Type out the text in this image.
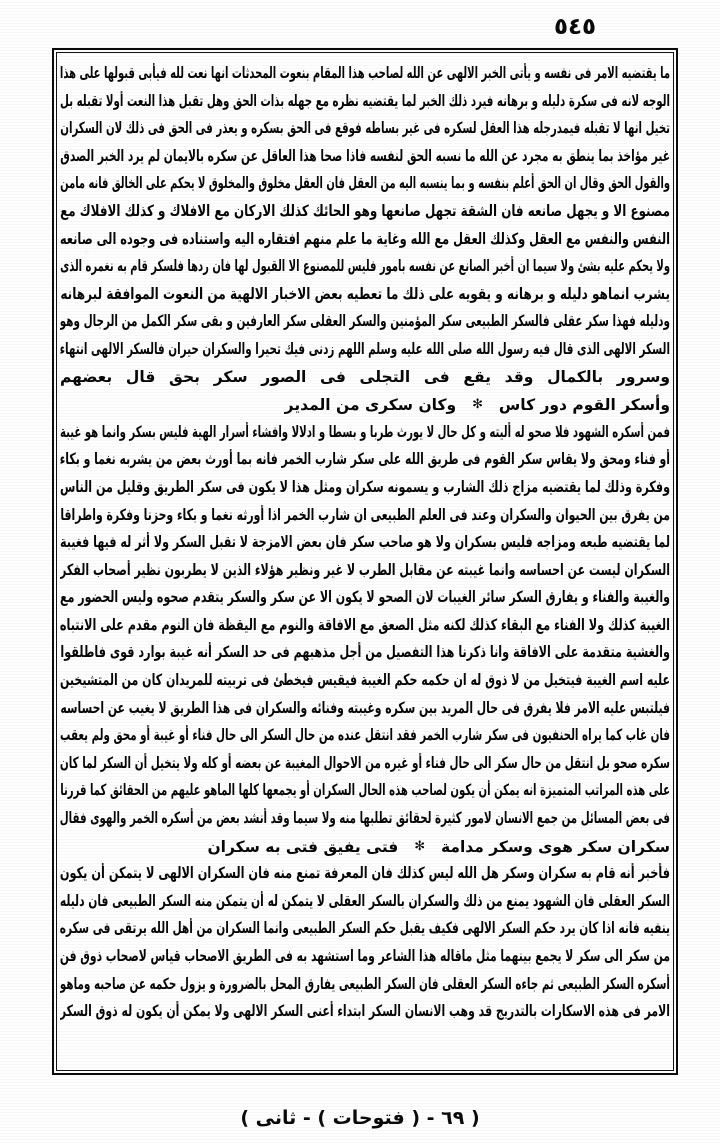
٥٤٥
ما يقتضيه الامر فى نفسه و يأتى الخبر الالهى عن الله لصاحب هذا المقام بنعوت المحدثات انها نعت لله فيأبى قبولها على هذا
الوجه لانه فى سكرة دليله و برهانه فيرد ذلك الخبر لما يقتضيه نظره مع جهله بذات الحق وهل تقبل هذا النعت أولا تقبله بل
تخيل انها لا تقبله فيمدرجله هذا العقل لسكره فى غير بساطه فوقع فى الحق بسكره و يعذر فى الحق فى ذلك لان السكران
غير مؤاخذ بما ينطق به مجرد عن الله ما نسبه الحق لنفسه فاذا صحا هذا العاقل عن سكره بالايمان لم يرد الخبر الصدق
والقول الحق وقال ان الحق أعلم بنفسه و بما ينسبه اليه من العقل فان العقل مخلوق والمخلوق لا يحكم على الخالق فانه مامن
مصنوع الا و يجهل صانعه فان الشقة تجهل صانعها وهو الحائك كذلك الاركان مع الافلاك و كذلك الافلاك مع
النفس والنفس مع العقل وكذلك العقل مع الله وغاية ما علم منهم افتقاره اليه واستناده فى وجوده الى صانعه
ولا يحكم عليه بشئ ولا سيما ان أخبر الصانع عن نفسه بامور فليس للمصنوع الا القبول لها فان ردها فلسكر قام به نغمره الذى
يشرب انماهو دليله و برهانه و يقويه على ذلك ما تعطيه بعض الاخبار الالهية من النعوت الموافقة لبرهانه
ودليله فهذا سكر عقلى فالسكر الطبيعى سكر المؤمنين والسكر العقلى سكر العارفين و بقى سكر الكمل من الرجال وهو
السكر الالهى الذى قال فيه رسول الله صلى الله عليه وسلم اللهم زدنى فيك تحيرا والسكران حيران فالسكر الالهى انتهاء
وسرور بالكمال وقد يقع فى التجلى فى الصور سكر بحق قال بعضهم
وأسكر القوم دور كاس✻وكان سكرى من المدير
فمن أسكره الشهود فلا صحو له أليته و كل حال لا يورث طربا و بسطا و ادلالا وافشاء أسرار الهية فليس بسكر وانما هو غيبة
أو فناء ومحق ولا يقاس سكر القوم فى طريق الله على سكر شارب الخمر فانه بما أورث بعض من يشربه نغما و بكاء
وفكرة وذلك لما يقتضيه مزاج ذلك الشارب و يسمونه سكران ومثل هذا لا يكون فى سكر الطريق وقليل من الناس
من يفرق بين الحيوان والسكران وعند فى العلم الطبيعى ان شارب الخمر اذا أورثه نغما و بكاء وحزنا وفكرة واطراقا
لما يقتضيه طبعه ومزاجه فليس بسكران ولا هو صاحب سكر فان بعض الامزجة لا تقبل السكر ولا أثر له فيها فغيبة
السكران ليست عن احساسه وانما غيبته عن مقابل الطرب لا غير ونظير هؤلاء الذين لا يطربون نظير أصحاب الفكر
والغيبة والفناء و يفارق السكر سائر الغيبات لان الصحو لا يكون الا عن سكر والسكر يتقدم صحوه وليس الحضور مع
الغيبة كذلك ولا الفناء مع البقاء كذلك لكنه مثل الصعق مع الافاقة والنوم مع اليقظة فان النوم مقدم على الانتباه
والغشية متقدمة على الافاقة وانا ذكرنا هذا التفصيل من أجل مذهبهم فى حد السكر أنه غيبة بوارد قوى فاطلقوا
عليه اسم الغيبة فيتخيل من لا ذوق له ان حكمه حكم الغيبة فيقيس فيخطئ فى تربيته للمريدان كان من المتشيخين
فيلتبس عليه الامر فلا يفرق فى حال المريد بين سكره وغيبته وفنائه والسكران فى هذا الطريق لا يغيب عن احساسه
فان غاب كما يراه الحنفيون فى سكر شارب الخمر فقد انتقل عنده من حال السكر الى حال فناء أو غيبة أو محق ولم يعقب
سكره صحو بل انتقل من حال سكر الى حال فناء أو غيره من الاحوال المغيبة عن بعضه أو كله ولا يتخيل أن السكر لما كان
على هذه المراتب المتميزة انه يمكن أن يكون لصاحب هذه الحال السكران أو يجمعها كلها الماهو عليهم من الحقائق كما قررنا
فى بعض المسائل من جمع الانسان لامور كثيرة لحقائق تطلبها منه ولا سيما وقد أنشد بعض من أسكره الخمر والهوى فقال
سكران سكر هوى وسكر مدامة✻فتى يفيق فتى به سكران
فأخبر أنه قام به سكران وسكر هل الله ليس كذلك فان المعرفة تمنع منه فان السكران الالهى لا يتمكن أن يكون
السكر العقلى فان الشهود يمنع من ذلك والسكران بالسكر العقلى لا يتمكن له أن يتمكن منه السكر الطبيعى فان دليله
ينفيه فانه اذا كان يرد حكم السكر الالهى فكيف يقبل حكم السكر الطبيعى وانما السكران من أهل الله يرتقى فى سكره
من سكر الى سكر لا يجمع بينهما مثل ماقاله هذا الشاعر وما استشهد به فى الطريق الاصحاب قياس لاصحاب ذوق فن
أسكره السكر الطبيعى ثم جاءه السكر العقلى فان السكر الطبيعى يفارق المحل بالضرورة و يزول حكمه عن صاحبه وماهو
الامر فى هذه الاسكارات بالتدريج قد وهب الانسان السكر ابتداء أعنى السكر الالهى ولا يمكن أن يكون له ذوق السكر
( ٦٩ ‑ ( فتوحات ) ‑ ثانى )
